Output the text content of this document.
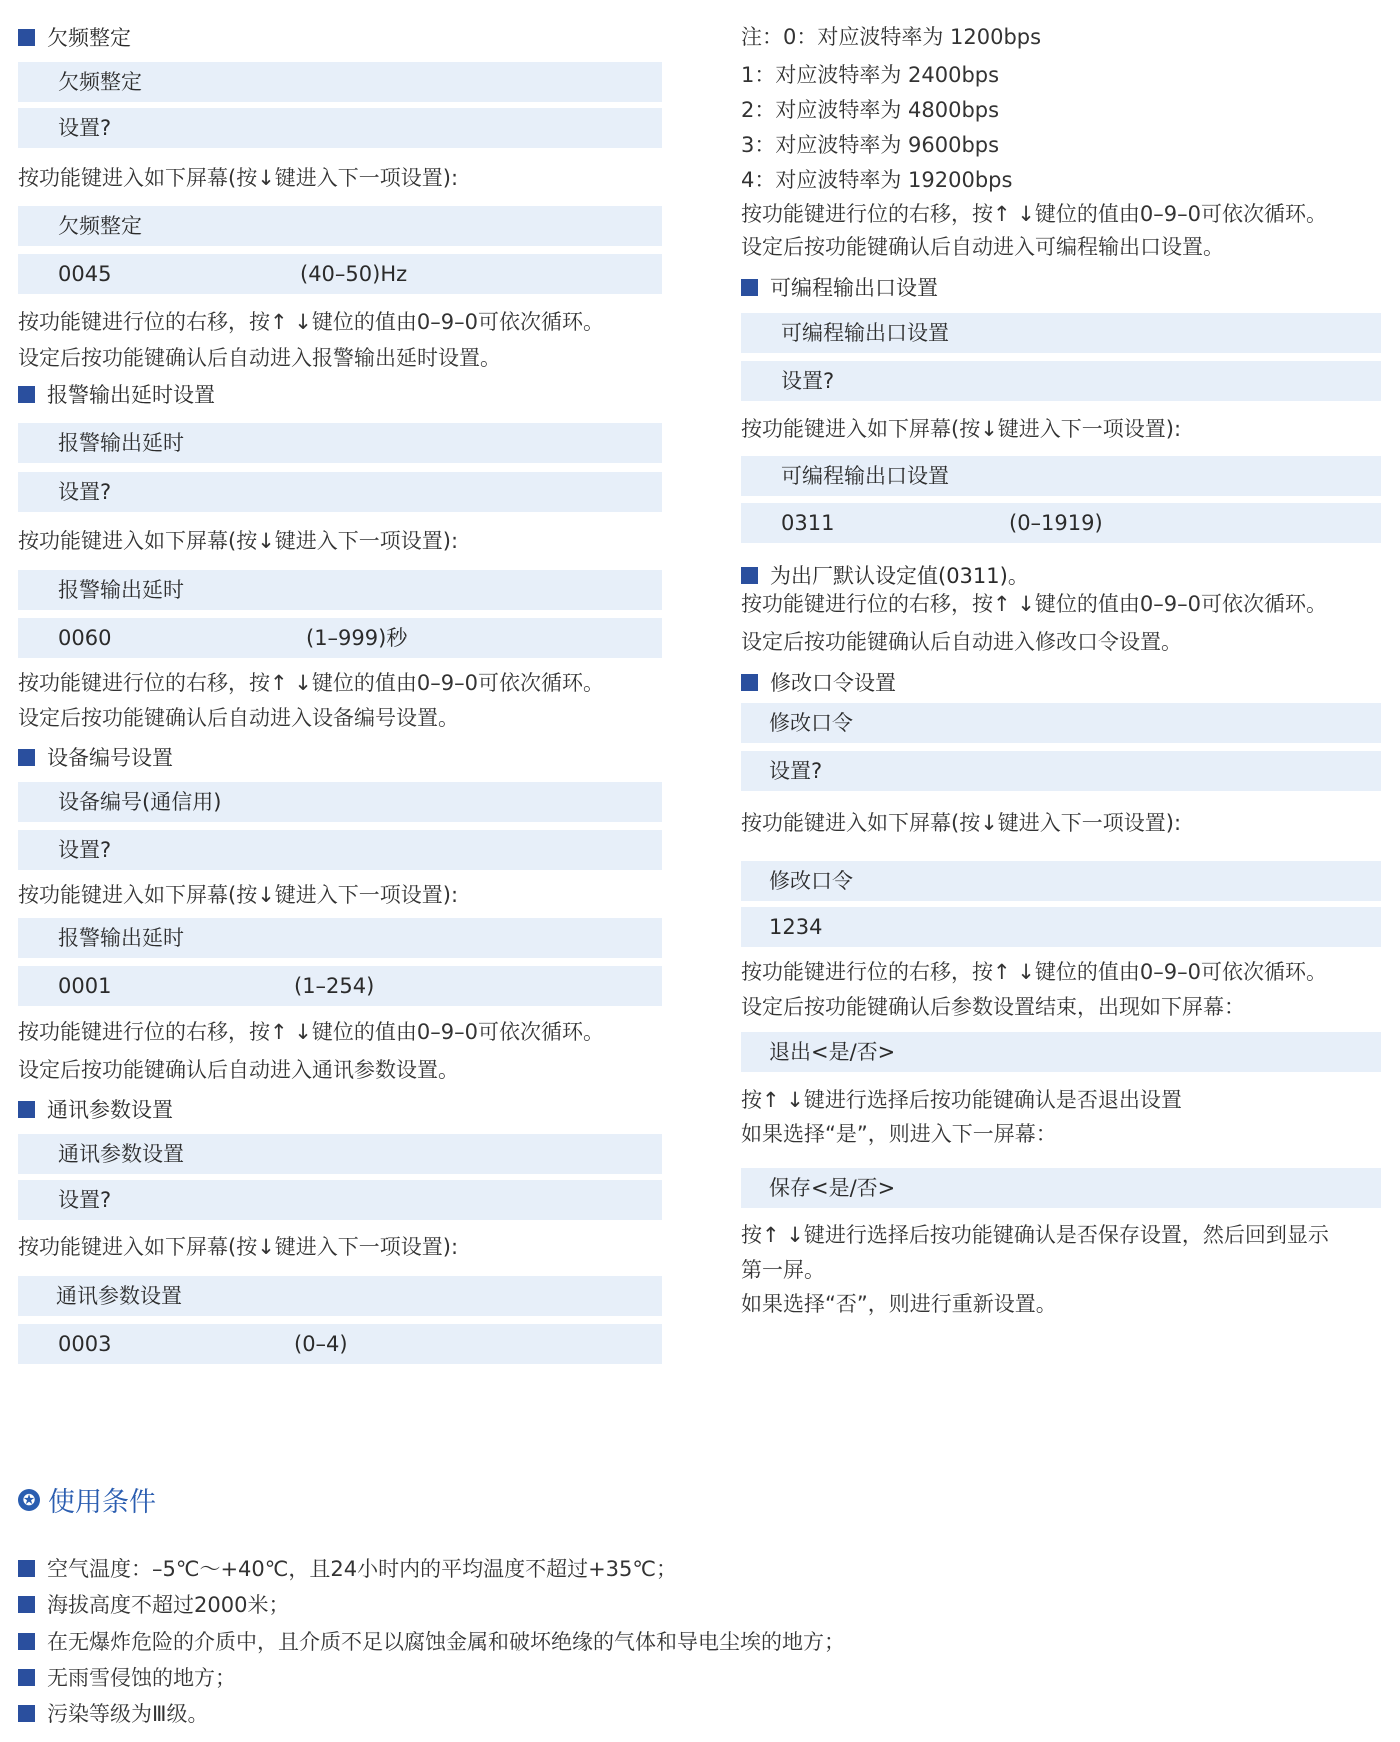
欠频整定
欠频整定
设置?

按功能键进入如下屏幕(按↓键进入下一项设置):

欠频整定
0045	(40–50)Hz

按功能键进行位的右移，按↑ ↓键位的值由0–9–0可依次循环。

设定后按功能键确认后自动进入报警输出延时设置。

报警输出延时设置
报警输出延时
设置?

按功能键进入如下屏幕(按↓键进入下一项设置):

报警输出延时
0060	(1–999)秒

按功能键进行位的右移，按↑ ↓键位的值由0–9–0可依次循环。

设定后按功能键确认后自动进入设备编号设置。

设备编号设置
设备编号(通信用)
设置?

按功能键进入如下屏幕(按↓键进入下一项设置):

报警输出延时
0001	(1–254)

按功能键进行位的右移，按↑ ↓键位的值由0–9–0可依次循环。

设定后按功能键确认后自动进入通讯参数设置。

通讯参数设置
通讯参数设置
设置?

按功能键进入如下屏幕(按↓键进入下一项设置):

通讯参数设置
0003	(0–4)

注：0：对应波特率为 1200bps

1：对应波特率为 2400bps

2：对应波特率为 4800bps

3：对应波特率为 9600bps

4：对应波特率为 19200bps

按功能键进行位的右移，按↑ ↓键位的值由0–9–0可依次循环。

设定后按功能键确认后自动进入可编程输出口设置。

可编程输出口设置
可编程输出口设置
设置?

按功能键进入如下屏幕(按↓键进入下一项设置):

可编程输出口设置
0311	(0–1919)
为出厂默认设定值(0311)。

按功能键进行位的右移，按↑ ↓键位的值由0–9–0可依次循环。

设定后按功能键确认后自动进入修改口令设置。

修改口令设置
修改口令
设置?

按功能键进入如下屏幕(按↓键进入下一项设置):

修改口令
1234

按功能键进行位的右移，按↑ ↓键位的值由0–9–0可依次循环。

设定后按功能键确认后参数设置结束，出现如下屏幕：

退出<是/否>

按↑ ↓键进行选择后按功能键确认是否退出设置

如果选择“是”，则进入下一屏幕：

保存<是/否>

按↑ ↓键进行选择后按功能键确认是否保存设置，然后回到显示

第一屏。

如果选择“否”，则进行重新设置。

✪ 使用条件
空气温度：–5℃～+40℃，且24小时内的平均温度不超过+35℃；
海拔高度不超过2000米；
在无爆炸危险的介质中，且介质不足以腐蚀金属和破坏绝缘的气体和导电尘埃的地方；
无雨雪侵蚀的地方；
污染等级为Ⅲ级。
